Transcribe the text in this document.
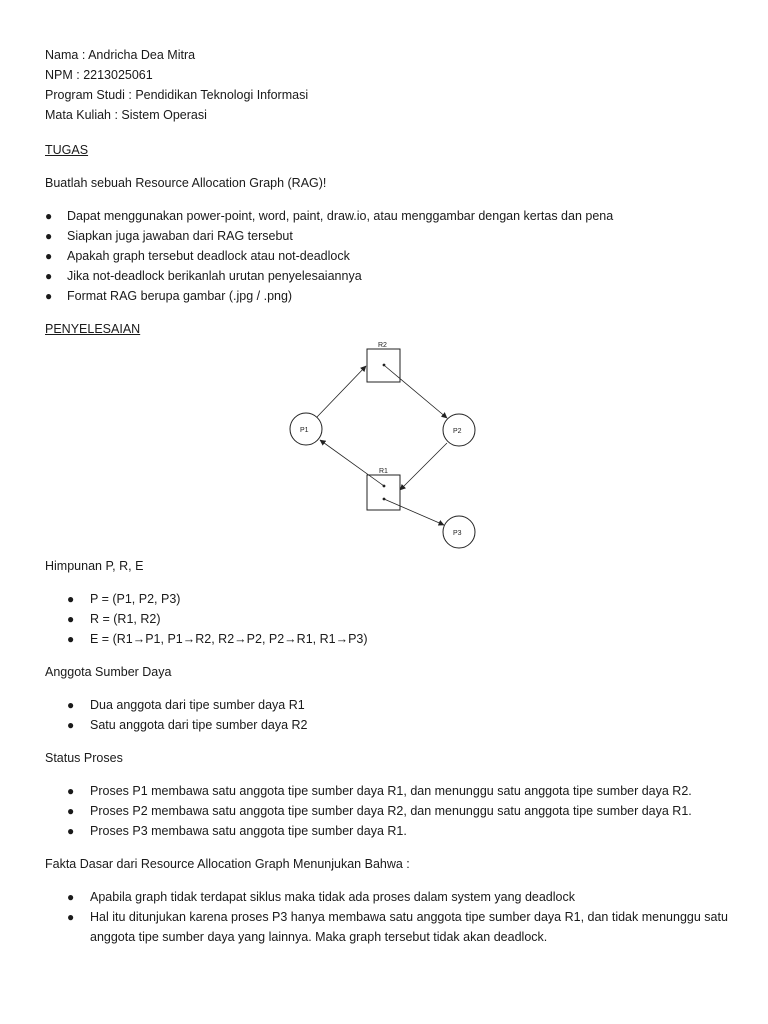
Nama : Andricha Dea Mitra
NPM : 2213025061
Program Studi : Pendidikan Teknologi Informasi
Mata Kuliah : Sistem Operasi
TUGAS
Buatlah sebuah Resource Allocation Graph (RAG)!
● Dapat menggunakan power-point, word, paint, draw.io, atau menggambar dengan kertas dan pena
● Siapkan juga jawaban dari RAG tersebut
● Apakah graph tersebut deadlock atau not-deadlock
● Jika not-deadlock berikanlah urutan penyelesaiannya
● Format RAG berupa gambar (.jpg / .png)
PENYELESAIAN
R2
R1
P1	P2
P3
Himpunan P, R, E
● P = (P1, P2, P3)
● R = (R1, R2)
● E = (R1→P1, P1→R2, R2→P2, P2→R1, R1→P3)
Anggota Sumber Daya
● Dua anggota dari tipe sumber daya R1
● Satu anggota dari tipe sumber daya R2
Status Proses
● Proses P1 membawa satu anggota tipe sumber daya R1, dan menunggu satu anggota tipe sumber daya R2.
● Proses P2 membawa satu anggota tipe sumber daya R2, dan menunggu satu anggota tipe sumber daya R1.
● Proses P3 membawa satu anggota tipe sumber daya R1.
Fakta Dasar dari Resource Allocation Graph Menunjukan Bahwa :
● Apabila graph tidak terdapat siklus maka tidak ada proses dalam system yang deadlock
● Hal itu ditunjukan karena proses P3 hanya membawa satu anggota tipe sumber daya R1, dan tidak menunggu satu anggota tipe sumber daya yang lainnya. Maka graph tersebut tidak akan deadlock.
